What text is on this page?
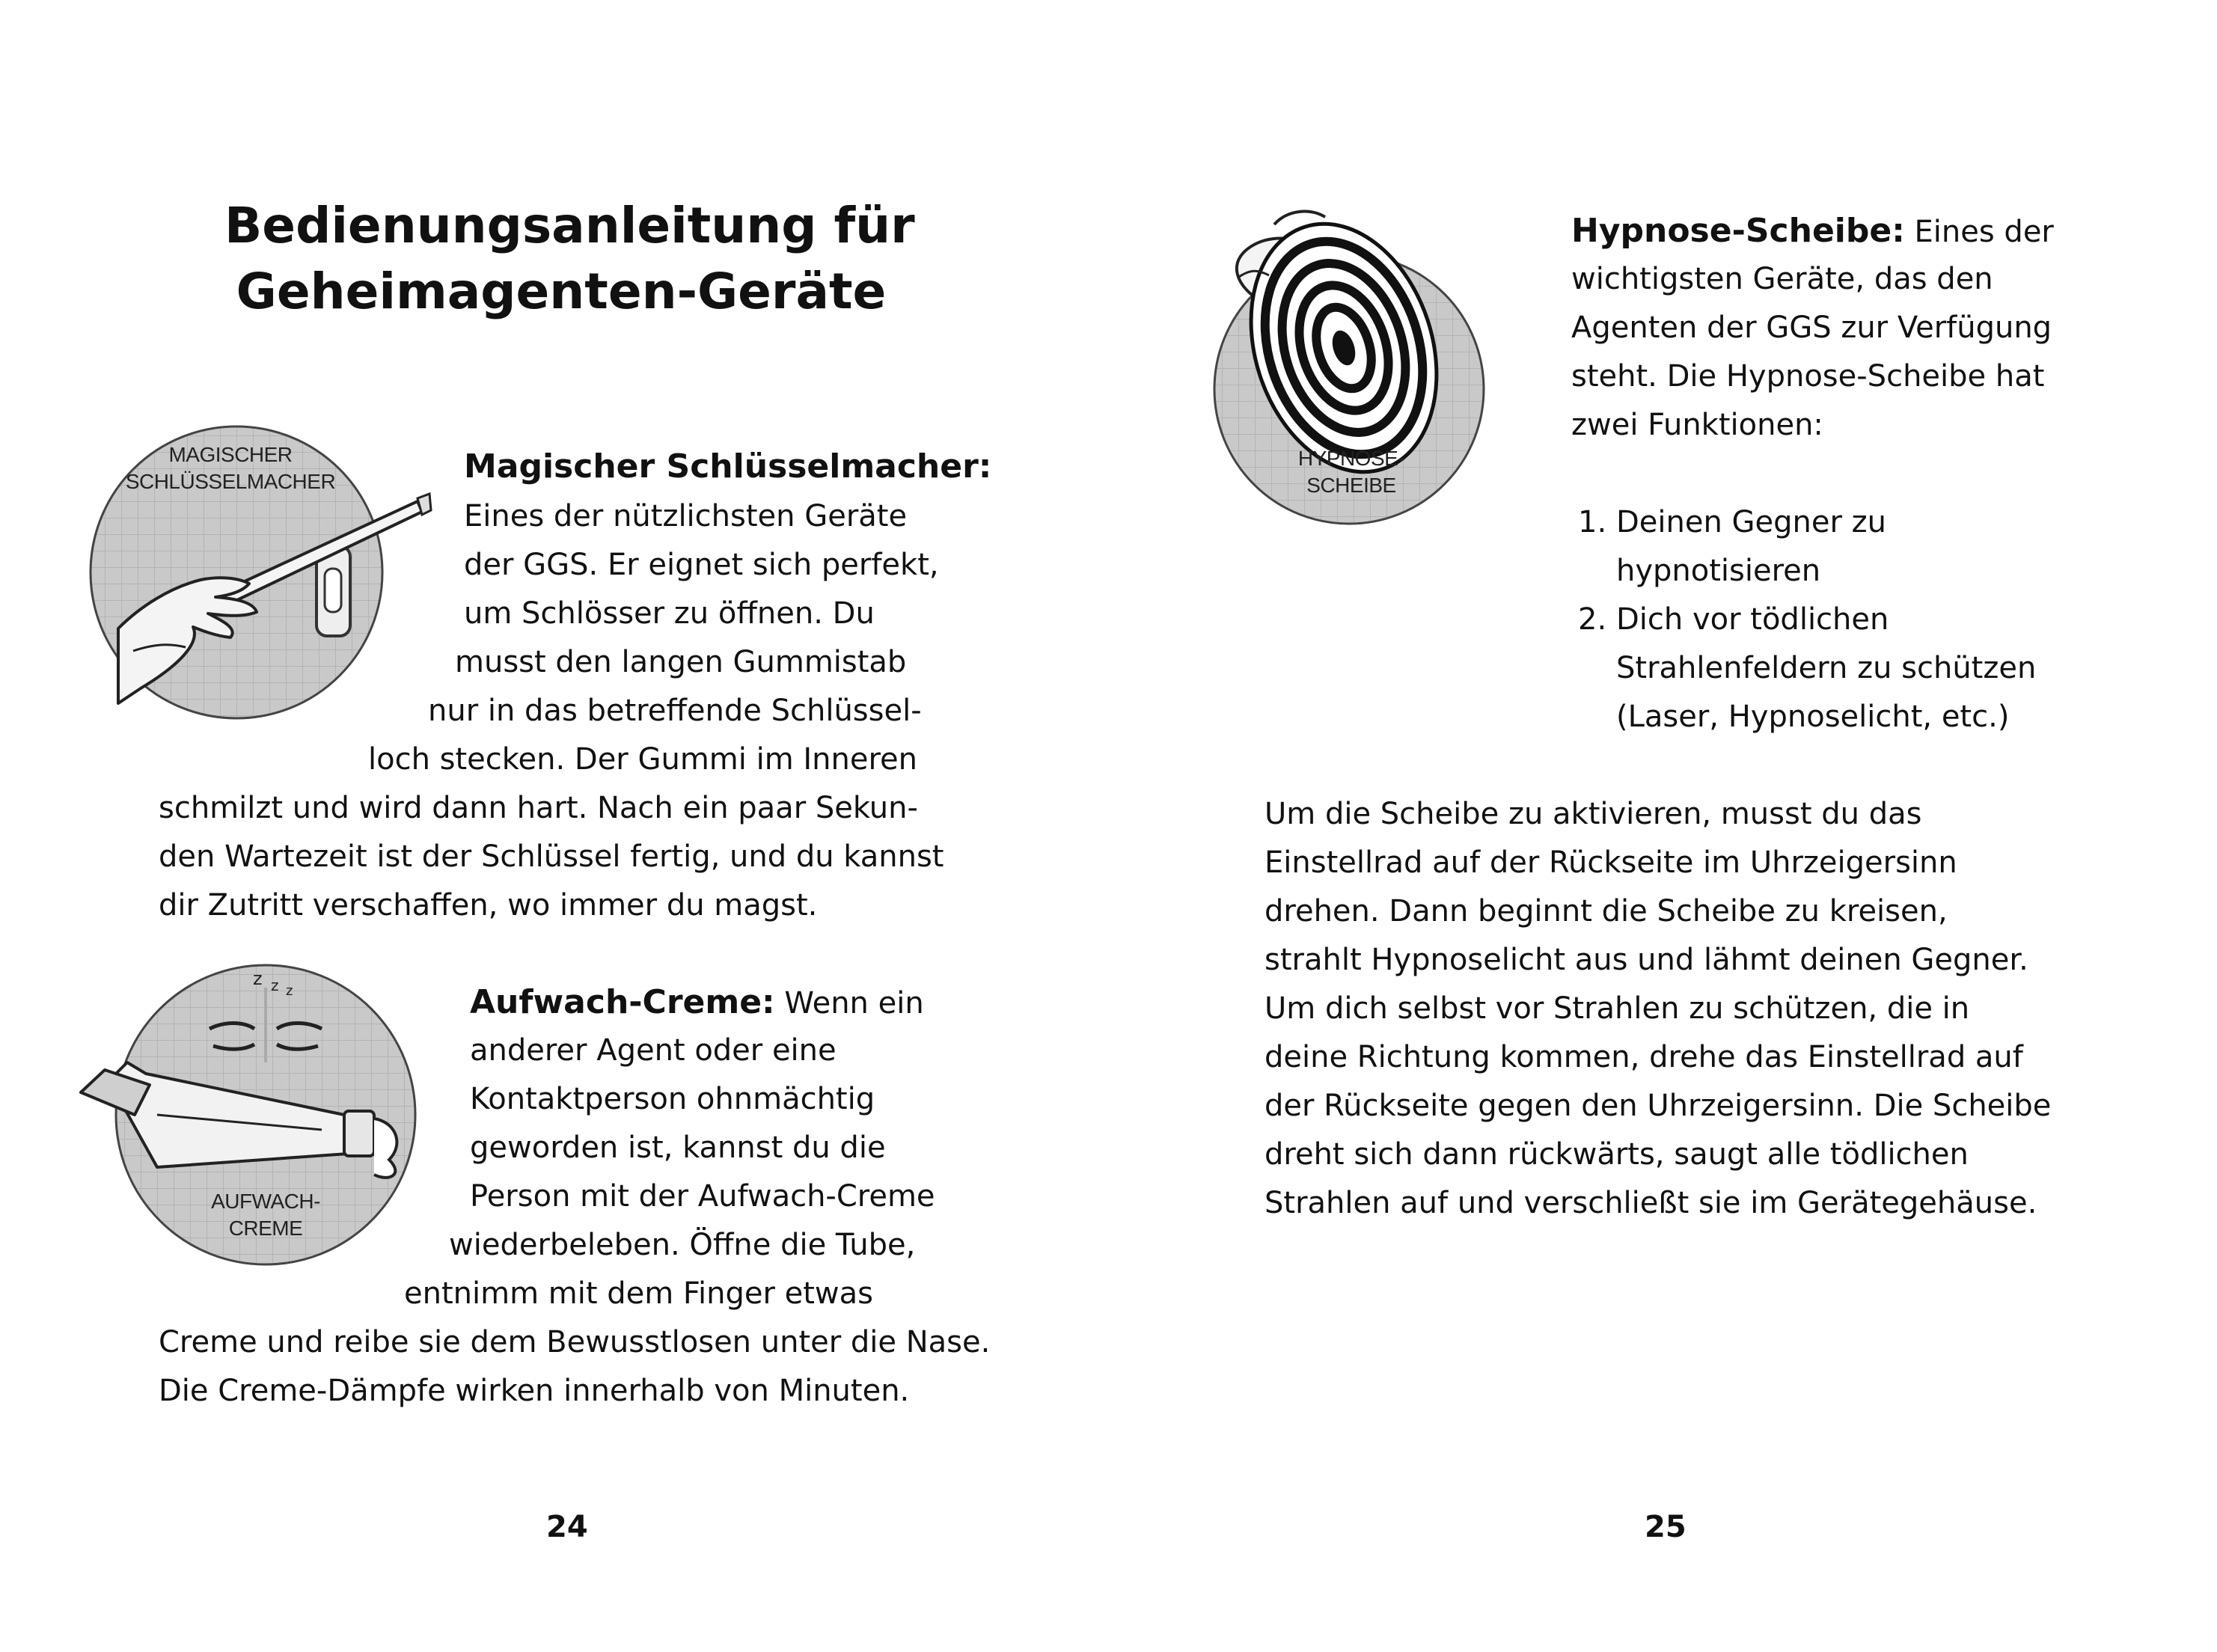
Bedienungsanleitung für
Geheimagenten-Geräte
MAGISCHER
SCHLÜSSELMACHER	Magischer Schlüsselmacher:
Eines der nützlichsten Geräte
der GGS. Er eignet sich perfekt,
um Schlösser zu öffnen. Du
musst den langen Gummistab
nur in das betreffende Schlüssel-
loch stecken. Der Gummi im Inneren
schmilzt und wird dann hart. Nach ein paar Sekun-
den Wartezeit ist der Schlüssel fertig, und du kannst
dir Zutritt verschaffen, wo immer du magst.
z z z
AUFWACH-
CREME
Aufwach-Creme: Wenn ein
anderer Agent oder eine
Kontaktperson ohnmächtig
geworden ist, kannst du die
Person mit der Aufwach-Creme
wiederbeleben. Öffne die Tube,
entnimm mit dem Finger etwas
Creme und reibe sie dem Bewusstlosen unter die Nase.
Die Creme-Dämpfe wirken innerhalb von Minuten.
24
HYPNOSE-
SCHEIBE
Hypnose-Scheibe: Eines der
wichtigsten Geräte, das den
Agenten der GGS zur Verfügung
steht. Die Hypnose-Scheibe hat
zwei Funktionen:
1. Deinen Gegner zu
hypnotisieren
2. Dich vor tödlichen
Strahlenfeldern zu schützen
(Laser, Hypnoselicht, etc.)
Um die Scheibe zu aktivieren, musst du das
Einstellrad auf der Rückseite im Uhrzeigersinn
drehen. Dann beginnt die Scheibe zu kreisen,
strahlt Hypnoselicht aus und lähmt deinen Gegner.
Um dich selbst vor Strahlen zu schützen, die in
deine Richtung kommen, drehe das Einstellrad auf
der Rückseite gegen den Uhrzeigersinn. Die Scheibe
dreht sich dann rückwärts, saugt alle tödlichen
Strahlen auf und verschließt sie im Gerätegehäuse.
25
